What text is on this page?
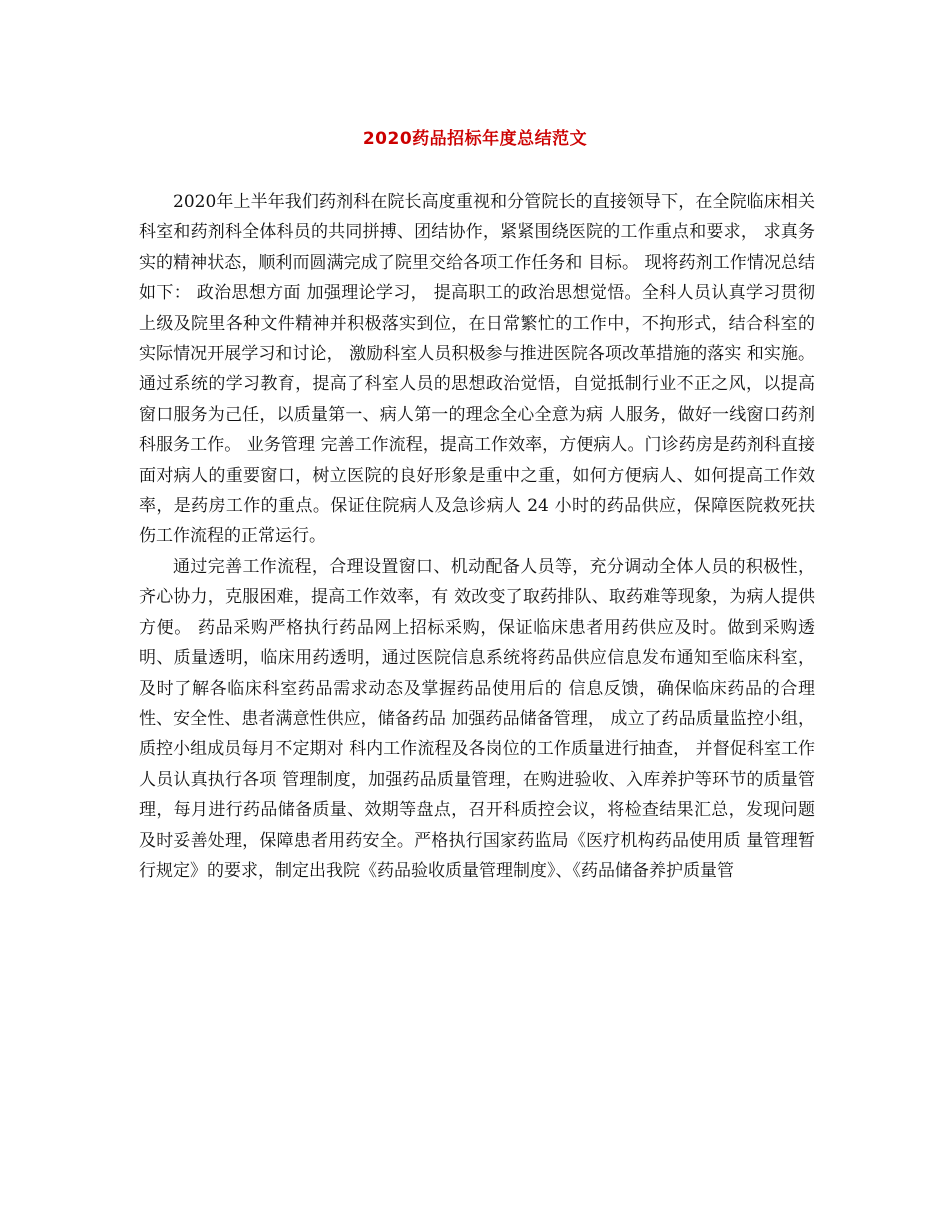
2020药品招标年度总结范文

2020年上半年我们药剂科在院长高度重视和分管院长的直接领导下，在全院临床相关科室和药剂科全体科员的共同拼搏、团结协作，紧紧围绕医院的工作重点和要求， 求真务实的精神状态，顺利而圆满完成了院里交给各项工作任务和 目标。 现将药剂工作情况总结如下： 政治思想方面 加强理论学习， 提高职工的政治思想觉悟。全科人员认真学习贯彻上级及院里各种文件精神并积极落实到位，在日常繁忙的工作中，不拘形式，结合科室的 实际情况开展学习和讨论， 激励科室人员积极参与推进医院各项改革措施的落实 和实施。通过系统的学习教育，提高了科室人员的思想政治觉悟，自觉抵制行业不正之风，以提高窗口服务为己任，以质量第一、病人第一的理念全心全意为病 人服务，做好一线窗口药剂科服务工作。 业务管理 完善工作流程，提高工作效率，方便病人。门诊药房是药剂科直接面对病人的重要窗口，树立医院的良好形象是重中之重，如何方便病人、如何提高工作效率，是药房工作的重点。保证住院病人及急诊病人 24 小时的药品供应，保障医院救死扶伤工作流程的正常运行。

通过完善工作流程，合理设置窗口、机动配备人员等，充分调动全体人员的积极性，齐心协力，克服困难，提高工作效率，有 效改变了取药排队、取药难等现象，为病人提供方便。 药品采购严格执行药品网上招标采购，保证临床患者用药供应及时。做到采购透明、质量透明，临床用药透明，通过医院信息系统将药品供应信息发布通知至临床科室， 及时了解各临床科室药品需求动态及掌握药品使用后的 信息反馈，确保临床药品的合理性、安全性、患者满意性供应，储备药品 加强药品储备管理， 成立了药品质量监控小组，质控小组成员每月不定期对 科内工作流程及各岗位的工作质量进行抽查， 并督促科室工作人员认真执行各项 管理制度，加强药品质量管理，在购进验收、入库养护等环节的质量管理，每月进行药品储备质量、效期等盘点，召开科质控会议，将检查结果汇总，发现问题 及时妥善处理，保障患者用药安全。严格执行国家药监局《医疗机构药品使用质 量管理暂行规定》的要求，制定出我院《药品验收质量管理制度》、《药品储备养护质量管
